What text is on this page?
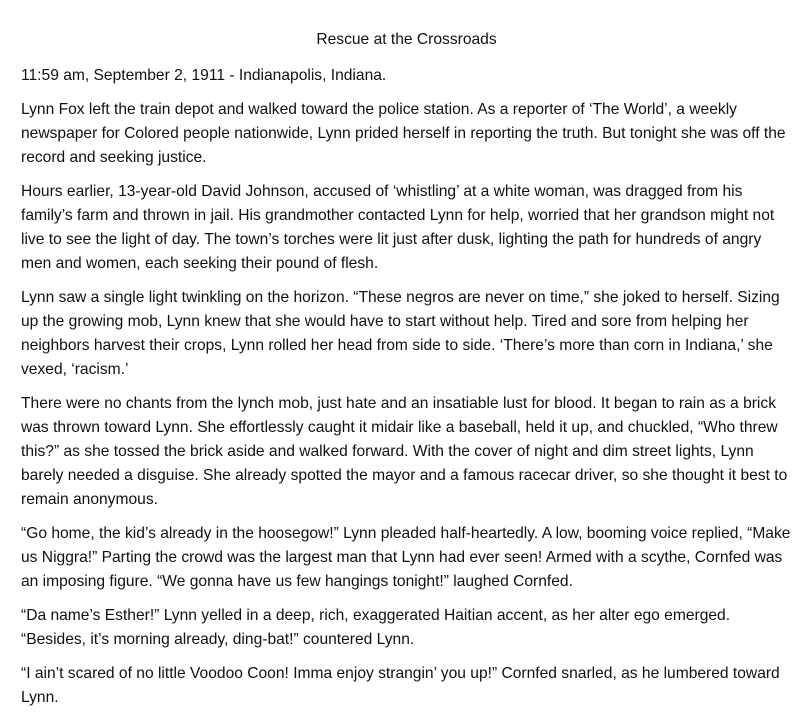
Rescue at the Crossroads
11:59 am, September 2, 1911 - Indianapolis, Indiana.
Lynn Fox left the train depot and walked toward the police station. As a reporter of ‘The World’, a weekly newspaper for Colored people nationwide, Lynn prided herself in reporting the truth. But tonight she was off the record and seeking justice.
Hours earlier, 13-year-old David Johnson, accused of ‘whistling’ at a white woman, was dragged from his family’s farm and thrown in jail. His grandmother contacted Lynn for help, worried that her grandson might not live to see the light of day. The town’s torches were lit just after dusk, lighting the path for hundreds of angry men and women, each seeking their pound of flesh.
Lynn saw a single light twinkling on the horizon. “These negros are never on time,” she joked to herself. Sizing up the growing mob, Lynn knew that she would have to start without help. Tired and sore from helping her neighbors harvest their crops, Lynn rolled her head from side to side. ‘There’s more than corn in Indiana,’ she vexed, ‘racism.’
There were no chants from the lynch mob, just hate and an insatiable lust for blood. It began to rain as a brick was thrown toward Lynn. She effortlessly caught it midair like a baseball, held it up, and chuckled, “Who threw this?” as she tossed the brick aside and walked forward. With the cover of night and dim street lights, Lynn barely needed a disguise. She already spotted the mayor and a famous racecar driver, so she thought it best to remain anonymous.
“Go home, the kid’s already in the hoosegow!” Lynn pleaded half-heartedly. A low, booming voice replied, “Make us Niggra!” Parting the crowd was the largest man that Lynn had ever seen! Armed with a scythe, Cornfed was an imposing figure. “We gonna have us few hangings tonight!” laughed Cornfed.
“Da name’s Esther!” Lynn yelled in a deep, rich, exaggerated Haitian accent, as her alter ego emerged. “Besides, it’s morning already, ding-bat!” countered Lynn.
“I ain’t scared of no little Voodoo Coon! Imma enjoy strangin’ you up!” Cornfed snarled, as he lumbered toward Lynn.
